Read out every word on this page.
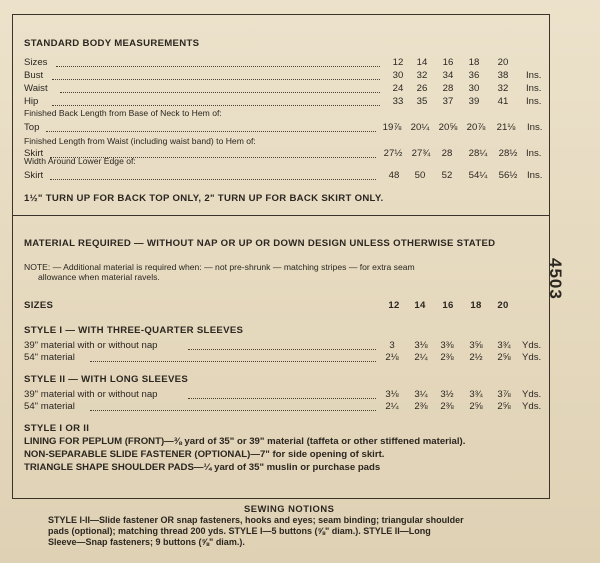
STANDARD BODY MEASUREMENTS
Sizes	12	14	16	18	20
Bust	30	32	34	36	38	Ins.
Waist	24	26	28	30	32	Ins.
Hip	33	35	37	39	41	Ins.
Top	19⅞ 20¼ 20⅝ 20⅞	21⅛	Ins.
Skirt	27½ 27¾	28	28¼	28½ Ins.
Skirt	48	50	52	54¼	56½	Ins.
Finished Back Length from Base of Neck to Hem of:
Finished Length from Waist (including waist band) to Hem of:
Width Around Lower Edge of:
1½" TURN UP FOR BACK TOP ONLY, 2" TURN UP FOR BACK SKIRT ONLY.
MATERIAL REQUIRED — WITHOUT NAP OR UP OR DOWN DESIGN UNLESS OTHERWISE STATED
NOTE: — Additional material is required when: — not pre-shrunk — matching stripes — for extra seam
allowance when material ravels.
SIZES	12	14	16	18	20
STYLE I — WITH THREE-QUARTER SLEEVES
STYLE II — WITH LONG SLEEVES
39" material with or without nap	3	3⅛	3⅜	3⅝	3¾	Yds.
54" material	2⅛	2¼	2⅜	2½	2⅝	Yds.
39" material with or without nap	3⅛	3¼	3½	3¾	3⅞	Yds.
54" material	2¼	2⅜	2⅜	2⅝	2⅝	Yds.
STYLE I OR II
LINING FOR PEPLUM (FRONT)—⅜ yard of 35" or 39" material (taffeta or other stiffened material).
NON-SEPARABLE SLIDE FASTENER (OPTIONAL)—7" for side opening of skirt.
TRIANGLE SHAPE SHOULDER PADS—¼ yard of 35" muslin or purchase pads
4503
SEWING NOTIONS
STYLE I-II—Slide fastener OR snap fasteners, hooks and eyes; seam binding; triangular shoulder
pads (optional); matching thread 200 yds. STYLE I—5 buttons (⅝" diam.). STYLE II—Long
Sleeve—Snap fasteners; 9 buttons (⅝" diam.).
